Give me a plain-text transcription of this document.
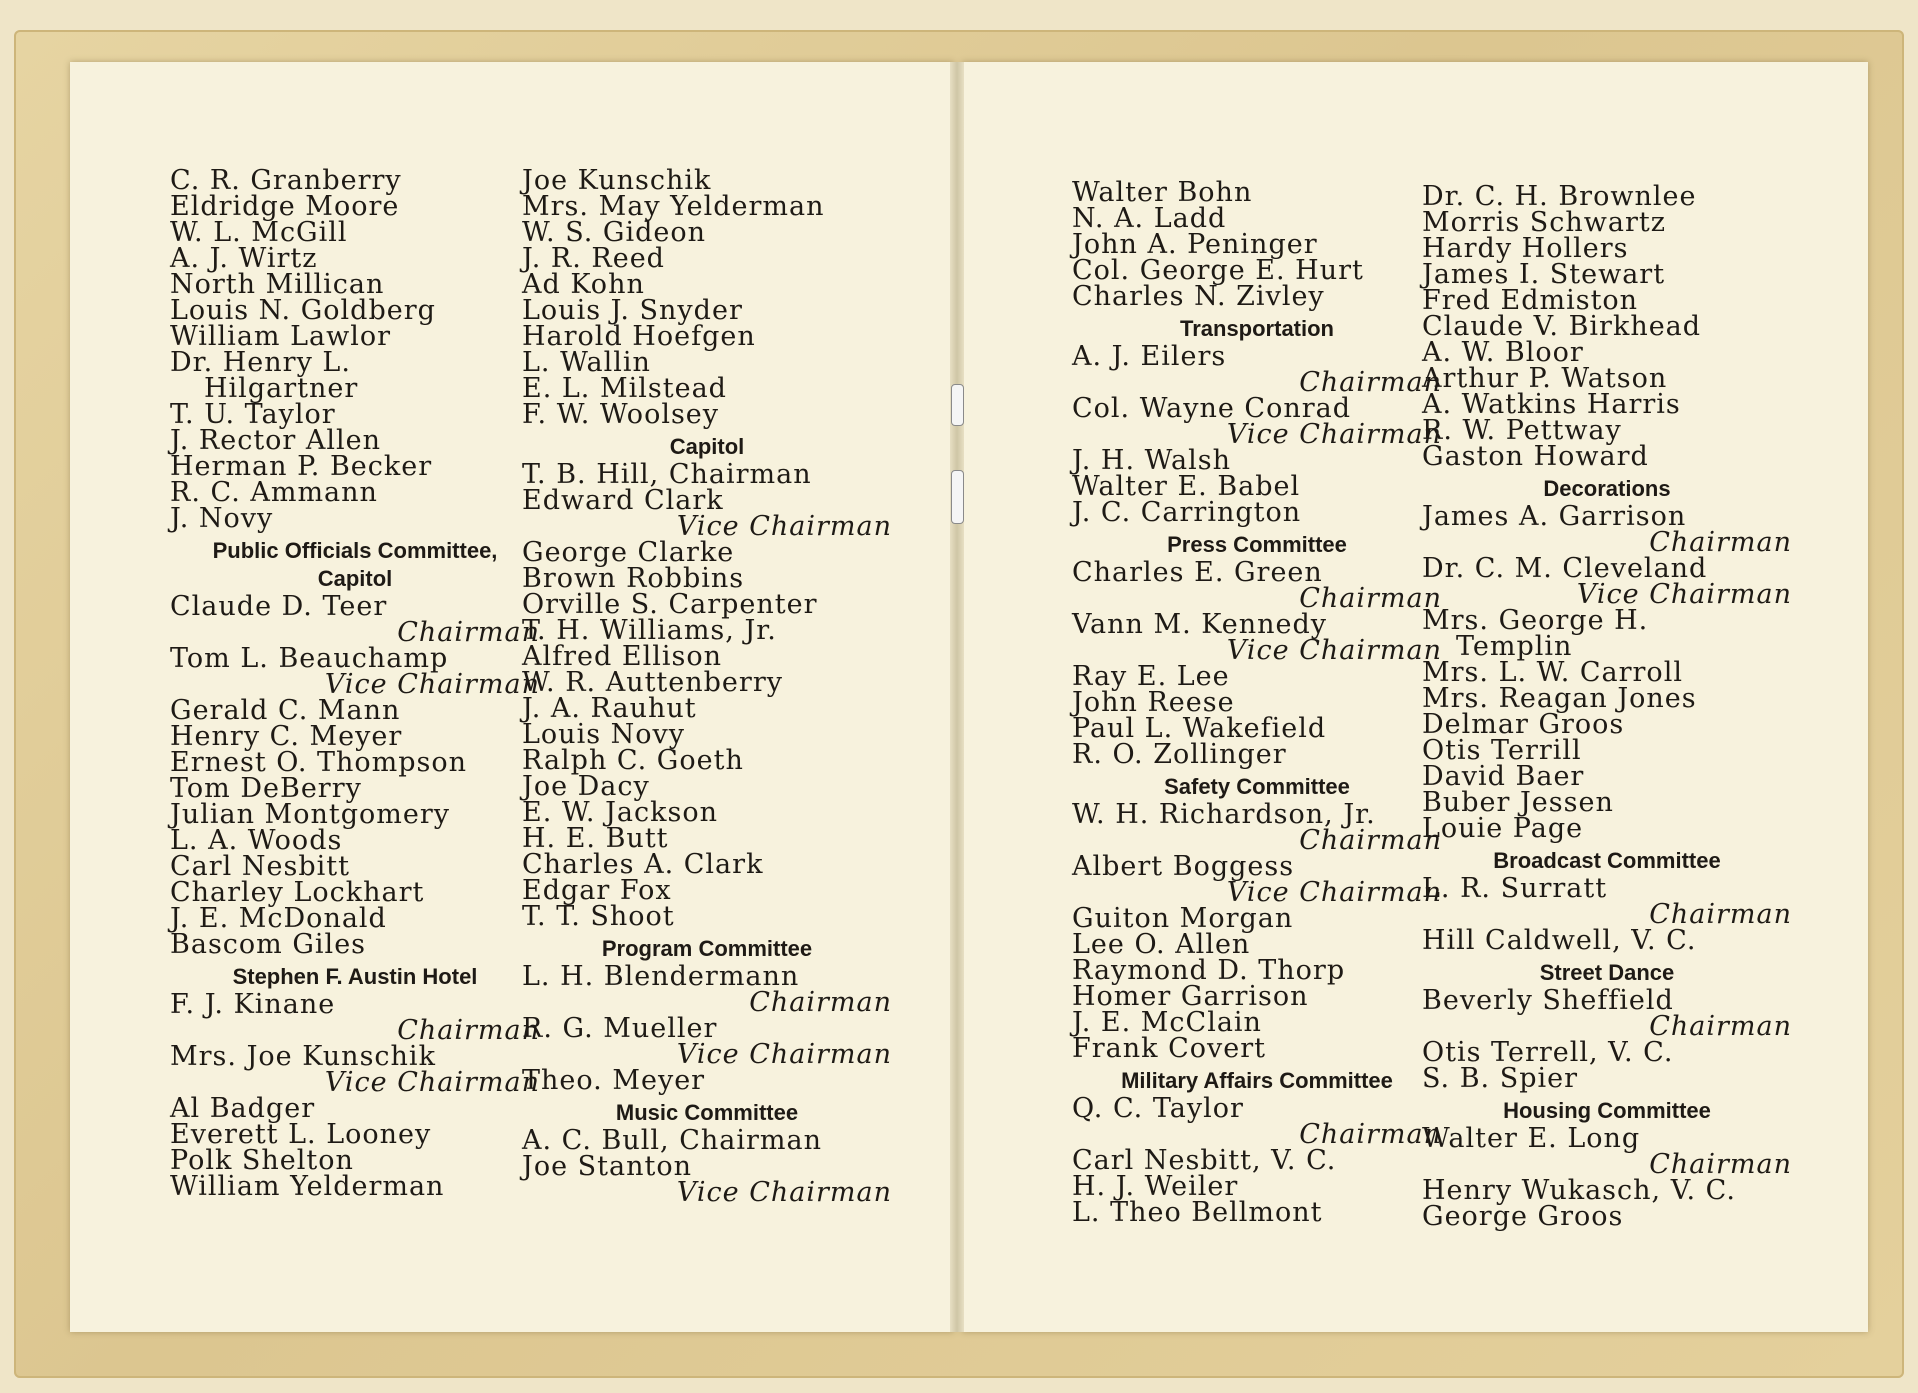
C. R. Granberry
Eldridge Moore
W. L. McGill
A. J. Wirtz
North Millican
Louis N. Goldberg
William Lawlor
Dr. Henry L.
Hilgartner
T. U. Taylor
J. Rector Allen
Herman P. Becker
R. C. Ammann
J. Novy
Public Officials Committee,
Capitol
Claude D. Teer
Chairman
Tom L. Beauchamp
Vice Chairman
Gerald C. Mann
Henry C. Meyer
Ernest O. Thompson
Tom DeBerry
Julian Montgomery
L. A. Woods
Carl Nesbitt
Charley Lockhart
J. E. McDonald
Bascom Giles
Stephen F. Austin Hotel
F. J. Kinane
Chairman
Mrs. Joe Kunschik
Vice Chairman
Al Badger
Everett L. Looney
Polk Shelton
William Yelderman
Joe Kunschik
Mrs. May Yelderman
W. S. Gideon
J. R. Reed
Ad Kohn
Louis J. Snyder
Harold Hoefgen
L. Wallin
E. L. Milstead
F. W. Woolsey
Capitol
T. B. Hill, Chairman
Edward Clark
Vice Chairman
George Clarke
Brown Robbins
Orville S. Carpenter
T. H. Williams, Jr.
Alfred Ellison
W. R. Auttenberry
J. A. Rauhut
Louis Novy
Ralph C. Goeth
Joe Dacy
E. W. Jackson
H. E. Butt
Charles A. Clark
Edgar Fox
T. T. Shoot
Program Committee
L. H. Blendermann
Chairman
R. G. Mueller
Vice Chairman
Theo. Meyer
Music Committee
A. C. Bull, Chairman
Joe Stanton
Vice Chairman
Walter Bohn
N. A. Ladd
John A. Peninger
Col. George E. Hurt
Charles N. Zivley
Transportation
A. J. Eilers
Chairman
Col. Wayne Conrad
Vice Chairman
J. H. Walsh
Walter E. Babel
J. C. Carrington
Press Committee
Charles E. Green
Chairman
Vann M. Kennedy
Vice Chairman
Ray E. Lee
John Reese
Paul L. Wakefield
R. O. Zollinger
Safety Committee
W. H. Richardson, Jr.
Chairman
Albert Boggess
Vice Chairman
Guiton Morgan
Lee O. Allen
Raymond D. Thorp
Homer Garrison
J. E. McClain
Frank Covert
Military Affairs Committee
Q. C. Taylor
Chairman
Carl Nesbitt, V. C.
H. J. Weiler
L. Theo Bellmont
Dr. C. H. Brownlee
Morris Schwartz
Hardy Hollers
James I. Stewart
Fred Edmiston
Claude V. Birkhead
A. W. Bloor
Arthur P. Watson
A. Watkins Harris
R. W. Pettway
Gaston Howard
Decorations
James A. Garrison
Chairman
Dr. C. M. Cleveland
Vice Chairman
Mrs. George H.
Templin
Mrs. L. W. Carroll
Mrs. Reagan Jones
Delmar Groos
Otis Terrill
David Baer
Buber Jessen
Louie Page
Broadcast Committee
L. R. Surratt
Chairman
Hill Caldwell, V. C.
Street Dance
Beverly Sheffield
Chairman
Otis Terrell, V. C.
S. B. Spier
Housing Committee
Walter E. Long
Chairman
Henry Wukasch, V. C.
George Groos
